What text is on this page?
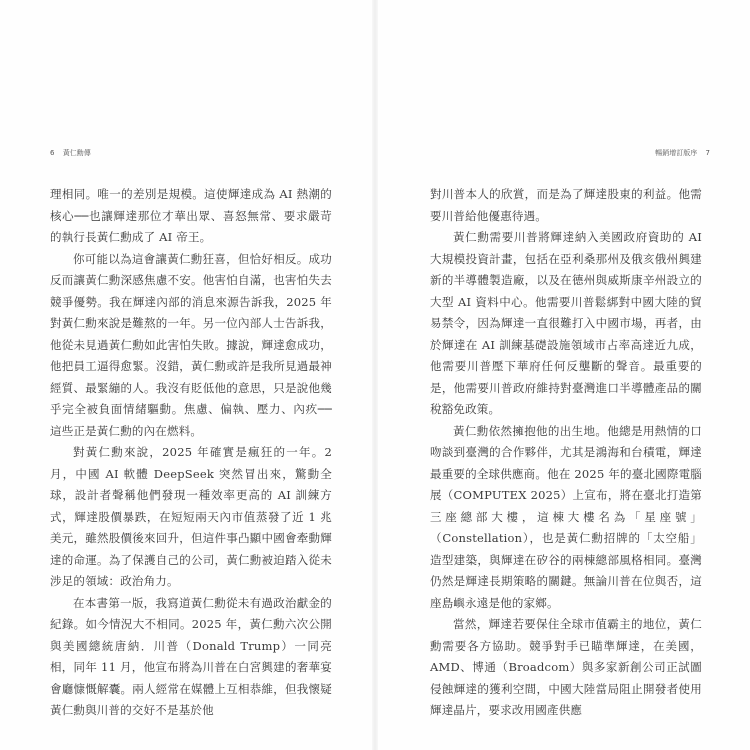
6 黃仁勳傳	暢銷增訂版序 7

理相同。唯一的差別是規模。這使輝達成為 AI 熱潮的核心──也讓輝達那位才華出眾、喜怒無常、要求嚴苛的執行長黃仁勳成了 AI 帝王。

你可能以為這會讓黃仁勳狂喜，但恰好相反。成功反而讓黃仁勳深感焦慮不安。他害怕自滿，也害怕失去競爭優勢。我在輝達內部的消息來源告訴我，2025 年對黃仁勳來說是難熬的一年。另一位內部人士告訴我，他從未見過黃仁勳如此害怕失敗。據說，輝達愈成功，他把員工逼得愈緊。沒錯，黃仁勳或許是我所見過最神經質、最緊繃的人。我沒有貶低他的意思，只是說他幾乎完全被負面情緒驅動。焦慮、偏執、壓力、內疚──這些正是黃仁勳的內在燃料。

對黃仁勳來說，2025 年確實是瘋狂的一年。2 月，中國 AI 軟體 DeepSeek 突然冒出來，驚動全球，設計者聲稱他們發現一種效率更高的 AI 訓練方式，輝達股價暴跌，在短短兩天內市值蒸發了近 1 兆美元，雖然股價後來回升，但這件事凸顯中國會牽動輝達的命運。為了保護自己的公司，黃仁勳被迫踏入從未涉足的領域：政治角力。

在本書第一版，我寫道黃仁勳從未有過政治獻金的紀錄。如今情況大不相同。2025 年，黃仁勳六次公開與美國總統唐納．川普（Donald Trump）一同亮相，同年 11 月，他宣布將為川普在白宮興建的奢華宴會廳慷慨解囊。兩人經常在媒體上互相恭維，但我懷疑黃仁勳與川普的交好不是基於他

對川普本人的欣賞，而是為了輝達股東的利益。他需要川普給他優惠待遇。

黃仁勳需要川普將輝達納入美國政府資助的 AI 大規模投資計畫，包括在亞利桑那州及俄亥俄州興建新的半導體製造廠，以及在德州與威斯康辛州設立的大型 AI 資料中心。他需要川普鬆綁對中國大陸的貿易禁令，因為輝達一直很難打入中國市場，再者，由於輝達在 AI 訓練基礎設施領域市占率高達近九成，他需要川普壓下華府任何反壟斷的聲音。最重要的是，他需要川普政府維持對臺灣進口半導體產品的關稅豁免政策。

黃仁勳依然擁抱他的出生地。他總是用熱情的口吻談到臺灣的合作夥伴，尤其是鴻海和台積電，輝達最重要的全球供應商。他在 2025 年的臺北國際電腦展（COMPUTEX 2025）上宣布，將在臺北打造第三座總部大樓，這棟大樓名為「星座號」（Constellation），也是黃仁勳招牌的「太空船」造型建築，與輝達在矽谷的兩棟總部風格相同。臺灣仍然是輝達長期策略的關鍵。無論川普在位與否，這座島嶼永遠是他的家鄉。

當然，輝達若要保住全球市值霸主的地位，黃仁勳需要各方協助。競爭對手已瞄準輝達，在美國，AMD、博通（Broadcom）與多家新創公司正試圖侵蝕輝達的獲利空間，中國大陸當局阻止開發者使用輝達晶片，要求改用國產供應
